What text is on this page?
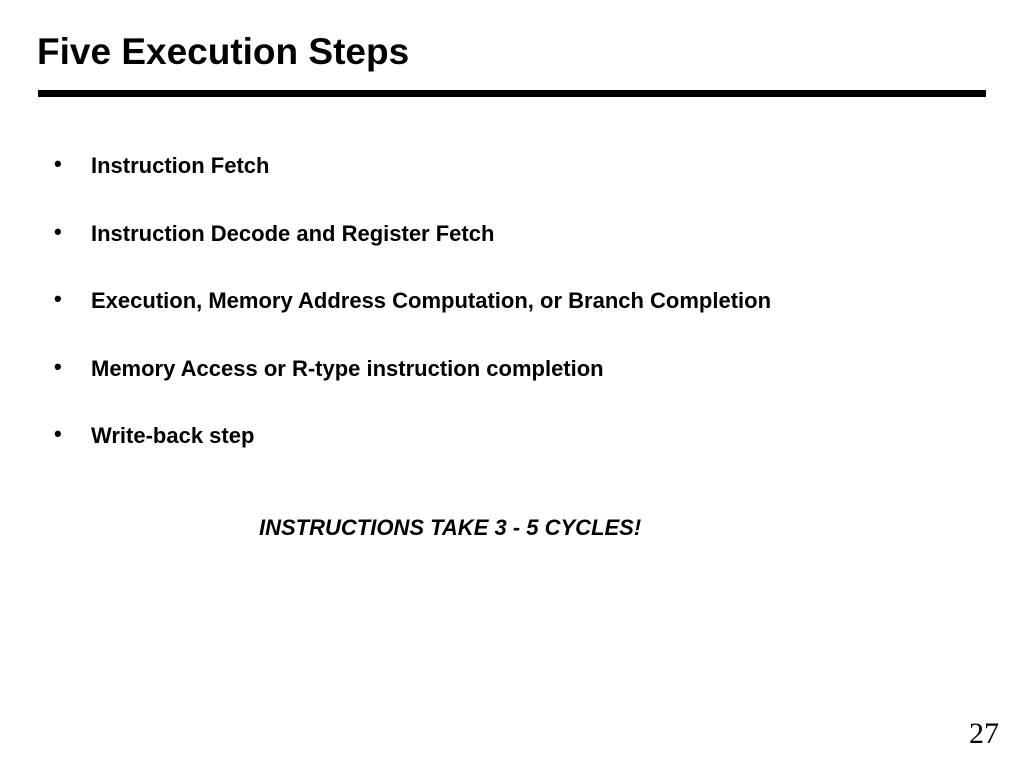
Five Execution Steps
• Instruction Fetch
• Instruction Decode and Register Fetch
• Execution, Memory Address Computation, or Branch Completion
• Memory Access or R-type instruction completion
• Write-back step
INSTRUCTIONS TAKE 3 - 5 CYCLES!
27
